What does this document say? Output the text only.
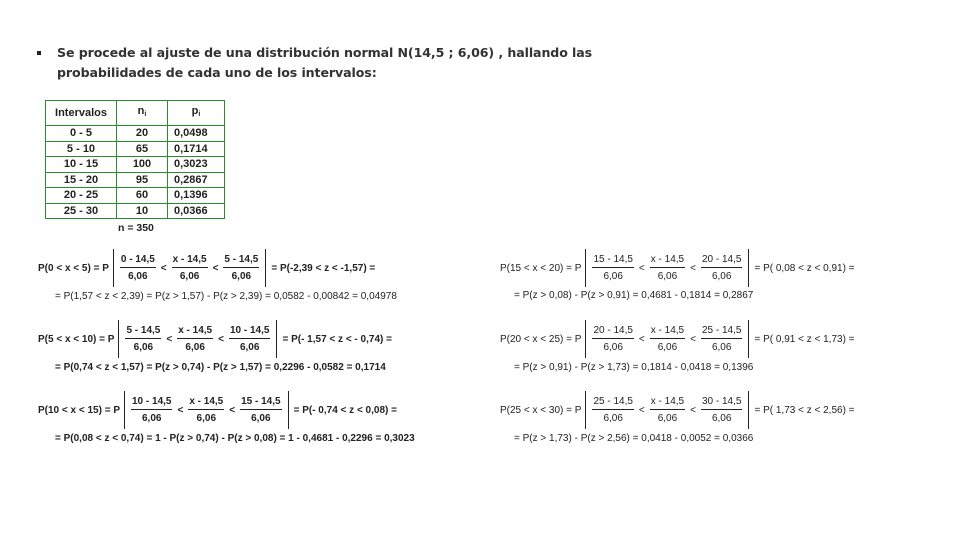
Se procede al ajuste de una distribución normal N(14,5 ; 6,06) , hallando las
probabilidades de cada uno de los intervalos:
Intervalos	$n_i$	$p_i$
0 - 5	20	0,0498
5 - 10	65	0,1714
10 - 15	100	0,3023
15 - 20	95	0,2867
20 - 25	60	0,1396
25 - 30	10	0,0366
n = 350
P(0 < x < 5) = P $\frac{0 - 14,5}{6,06} < \frac{x - 14,5}{6,06} < \frac{5 - 14,5}{6,06} = P(-2,39 < z < -1,57)$ =
= P(1,57 < z < 2,39) = P(z > 1,57) - P(z > 2,39) = 0,0582 - 0,00842 = 0,04978
P(5 < x < 10) = P $\frac{5 - 14,5}{6,06} < \frac{x - 14,5}{6,06} < \frac{10 - 14,5}{6,06} = P(-$ 1,57 < z < - 0,74) =
= P(0,74 < z < 1,57) = P(z > 0,74) - P(z > 1,57) = 0,2296 - 0,0582 = 0,1714
P(10 < x < 15) = P $\frac{10 - 14,5}{6,06} < \frac{x - 14,5}{6,06} < \frac{15 - 14,5}{6,06} = P(-$ 0,74 < z < 0,08) =
= P(0,08 < z < 0,74) = 1 - P(z > 0,74) - P(z > 0,08) = 1 - 0,4681 - 0,2296 = 0,3023
P(15 < x < 20) = P $\frac{15 - 14,5}{6,06} < \frac{x - 14,5}{6,06} < \frac{20 - 14,5}{6,06} = P$( 0,08 < z < 0,91) =
= P(z > 0,08) - P(z > 0,91) = 0,4681 - 0,1814 = 0,2867
P(20 < x < 25) = P $\frac{20 - 14,5}{6,06} < \frac{x - 14,5}{6,06} < \frac{25 - 14,5}{6,06} = P$( 0,91 < z < 1,73) =
= P(z > 0,91) - P(z > 1,73) = 0,1814 - 0,0418 = 0,1396
P(25 < x < 30) = P $\frac{25 - 14,5}{6,06} < \frac{x - 14,5}{6,06} < \frac{30 - 14,5}{6,06} = P$( 1,73 < z < 2,56) =
= P(z > 1,73) - P(z > 2,56) = 0,0418 - 0,0052 = 0,0366
